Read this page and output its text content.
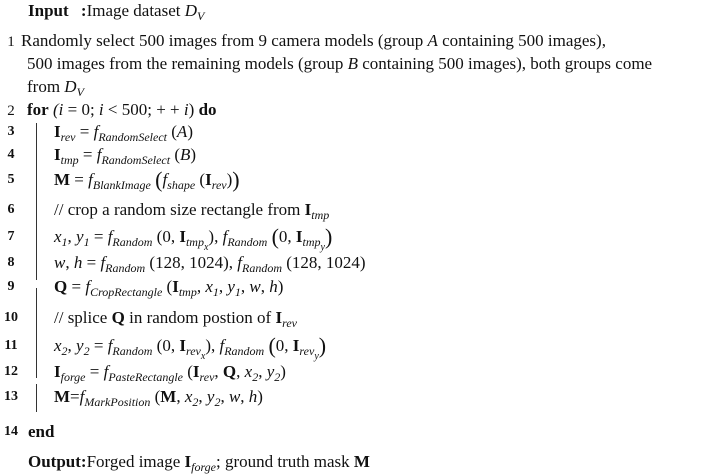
Input :Image dataset $D_V$
1 Randomly select 500 images from 9 camera models (group A containing 500 images),
500 images from the remaining models (group B containing 500 images), both groups come
from $D_V$
2 for (i = 0; i < 500; + + i) do
3 $I_{rev} = f_{RandomSelect}$ (A)
4 $I_{tmp} = f_{RandomSelect}$ (B)
5 $M = f_{BlankImage}$ ($f_{shape}$ $(I_{rev})$)
6 // crop a random size rectangle from $I_{tmp}$
7 $x_1$, $y_1 = f_{Random}$ (0, $I_{tmp_x}$), $f_{Random}$ (0, $I_{tmp_y}$)
8 w, $h = f_{Random}$ (128, 1024), $f_{Random}$ (128, 1024)
9 $Q = f_{CropRectangle}$ ($I_{tmp}$, $x_1$, $y_1$, w, h)
10 // splice Q in random postion of $I_{rev}$
11 $x_2$, $y_2 = f_{Random}$ (0, $I_{rev_x}$), $f_{Random}$ (0, $I_{rev_y}$)
12 $I_{forge} = f_{PasteRectangle}$ ($I_{rev}$, Q, $x_2$, $y_2$)
13 $M=f_{MarkPosition}$ (M, $x_2$, $y_2$, w, h)
14 end
Output:Forged image $I_{forge}$; ground truth mask M
